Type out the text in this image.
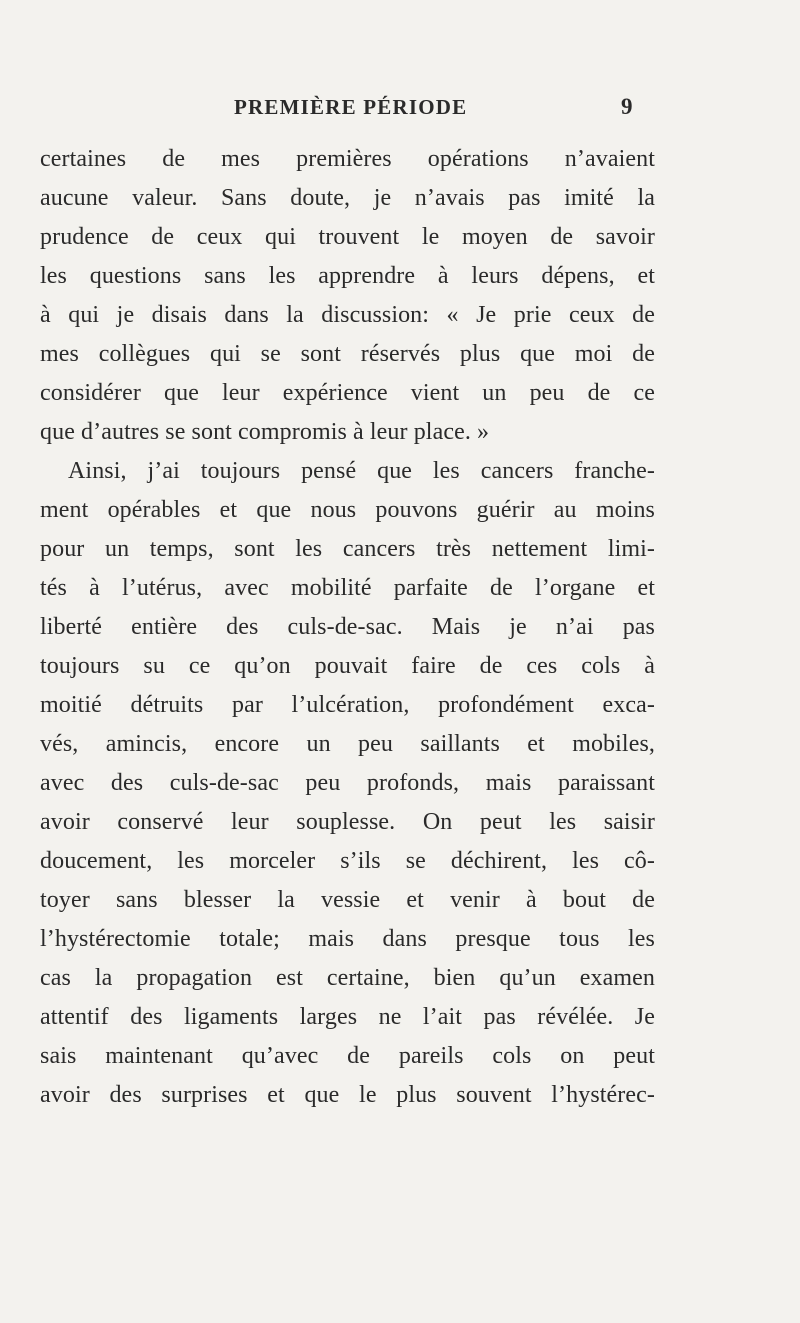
PREMIÈRE PÉRIODE	9
certaines de mes premières opérations n’avaient
aucune valeur. Sans doute, je n’avais pas imité la
prudence de ceux qui trouvent le moyen de savoir
les questions sans les apprendre à leurs dépens, et
à qui je disais dans la discussion: « Je prie ceux de
mes collègues qui se sont réservés plus que moi de
considérer que leur expérience vient un peu de ce
que d’autres se sont compromis à leur place. »
Ainsi, j’ai toujours pensé que les cancers franche-
ment opérables et que nous pouvons guérir au moins
pour un temps, sont les cancers très nettement limi-
tés à l’utérus, avec mobilité parfaite de l’organe et
liberté entière des culs-de-sac. Mais je n’ai pas
toujours su ce qu’on pouvait faire de ces cols à
moitié détruits par l’ulcération, profondément exca-
vés, amincis, encore un peu saillants et mobiles,
avec des culs-de-sac peu profonds, mais paraissant
avoir conservé leur souplesse. On peut les saisir
doucement, les morceler s’ils se déchirent, les cô-
toyer sans blesser la vessie et venir à bout de
l’hystérectomie totale; mais dans presque tous les
cas la propagation est certaine, bien qu’un examen
attentif des ligaments larges ne l’ait pas révélée. Je
sais maintenant qu’avec de pareils cols on peut
avoir des surprises et que le plus souvent l’hystérec-
